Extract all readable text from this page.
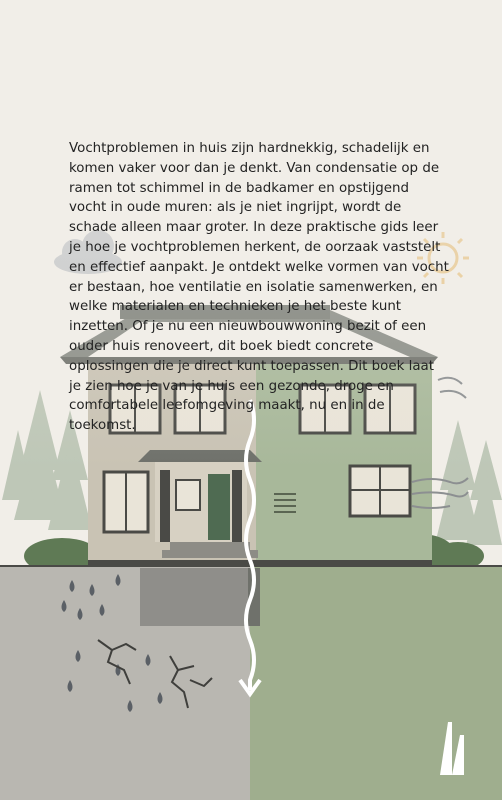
Vochtproblemen in huis zijn hardnekkig, schadelijk en komen vaker voor dan je denkt. Van condensatie op de ramen tot schimmel in de badkamer en opstijgend vocht in oude muren: als je niet ingrijpt, wordt de schade alleen maar groter. In deze praktische gids leer je hoe je vochtproblemen herkent, de oorzaak vaststelt en effectief aanpakt. Je ontdekt welke vormen van vocht er bestaan, hoe ventilatie en isolatie samenwerken, en welke materialen en technieken je het beste kunt inzetten. Of je nu een nieuwbouwwoning bezit of een ouder huis renoveert, dit boek biedt concrete oplossingen die je direct kunt toepassen. Dit boek laat je zien hoe je van je huis een gezonde, droge en comfortabele leefomgeving maakt, nu en in de toekomst.
